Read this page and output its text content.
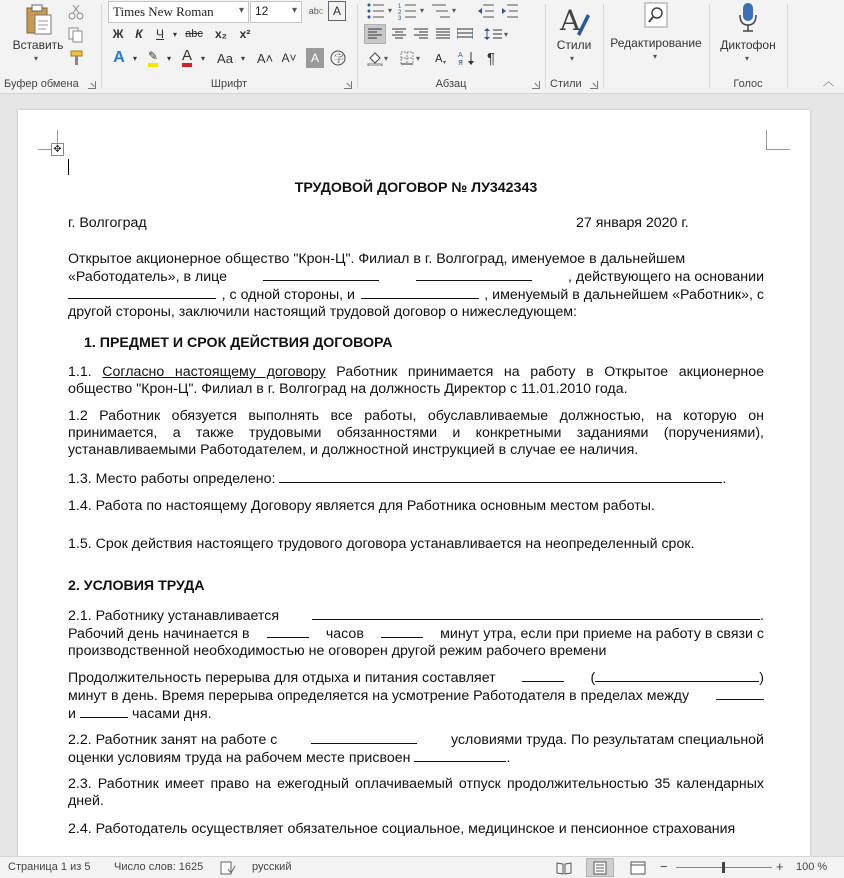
Вставить
▾
Буфер обмена
Times New Roman	▾ 12 ▾	ab c A
Ж К	Ч	▾ abc	x₂	x²
A	▾ ✎	▾ A	▾ Aa	▾ A˄ A˅	A	字
Шрифт
▾ 1
2
3
▾	▾
▾
▾	▾ A ▾
A
Я	¶
Абзац
A
Стили
▾
Стили
Редактирование
▾
Диктофон
▾
Голос	︿
✥

ТРУДОВОЙ ДОГОВОР № ЛУ342343

г. Волгоград	27 января 2020 г.

Открытое акционерное общество "Крон-Ц". Филиал в г. Волгоград, именуемое в дальнейшем

«Работодатель», в лице	, действующего на основании
, с одной стороны, и	, именуемый в дальнейшем «Работник», с
другой стороны, заключили настоящий трудовой договор о нижеследующем:

1. ПРЕДМЕТ И СРОК ДЕЙСТВИЯ ДОГОВОРА

1.1. Согласно настоящему договору Работник принимается на работу в Открытое акционерное общество "Крон-Ц". Филиал в г. Волгоград на должность Директор с 11.01.2010 года.

1.2 Работник обязуется выполнять все работы, обуславливаемые должностью, на которую он принимается, а также трудовыми обязанностями и конкретными заданиями (поручениями), устанавливаемыми Работодателем, и должностной инструкцией в случае ее наличия.

1.3. Место работы определено:	.

1.4. Работа по настоящему Договору является для Работника основным местом работы.

1.5. Срок действия настоящего трудового договора устанавливается на неопределенный срок.

2. УСЛОВИЯ ТРУДА

2.1. Работнику устанавливается	.
Рабочий день начинается в	часов	минут утра, если при приеме на работу в связи с
производственной необходимостью не оговорен другой режим рабочего времени

Продолжительность перерыва для отдыха и питания составляет	(	)
минут в день. Время перерыва определяется на усмотрение Работодателя в пределах между
и	часами дня.

2.2. Работник занят на работе с	условиями труда. По результатам специальной
оценки условиям труда на рабочем месте присвоен	.

2.3. Работник имеет право на ежегодный оплачиваемый отпуск продолжительностью 35 календарных дней.

2.4. Работодатель осуществляет обязательное социальное, медицинское и пенсионное страхования

Страница 1 из 5 Число слов: 1625	русский	−	+ 100 %
